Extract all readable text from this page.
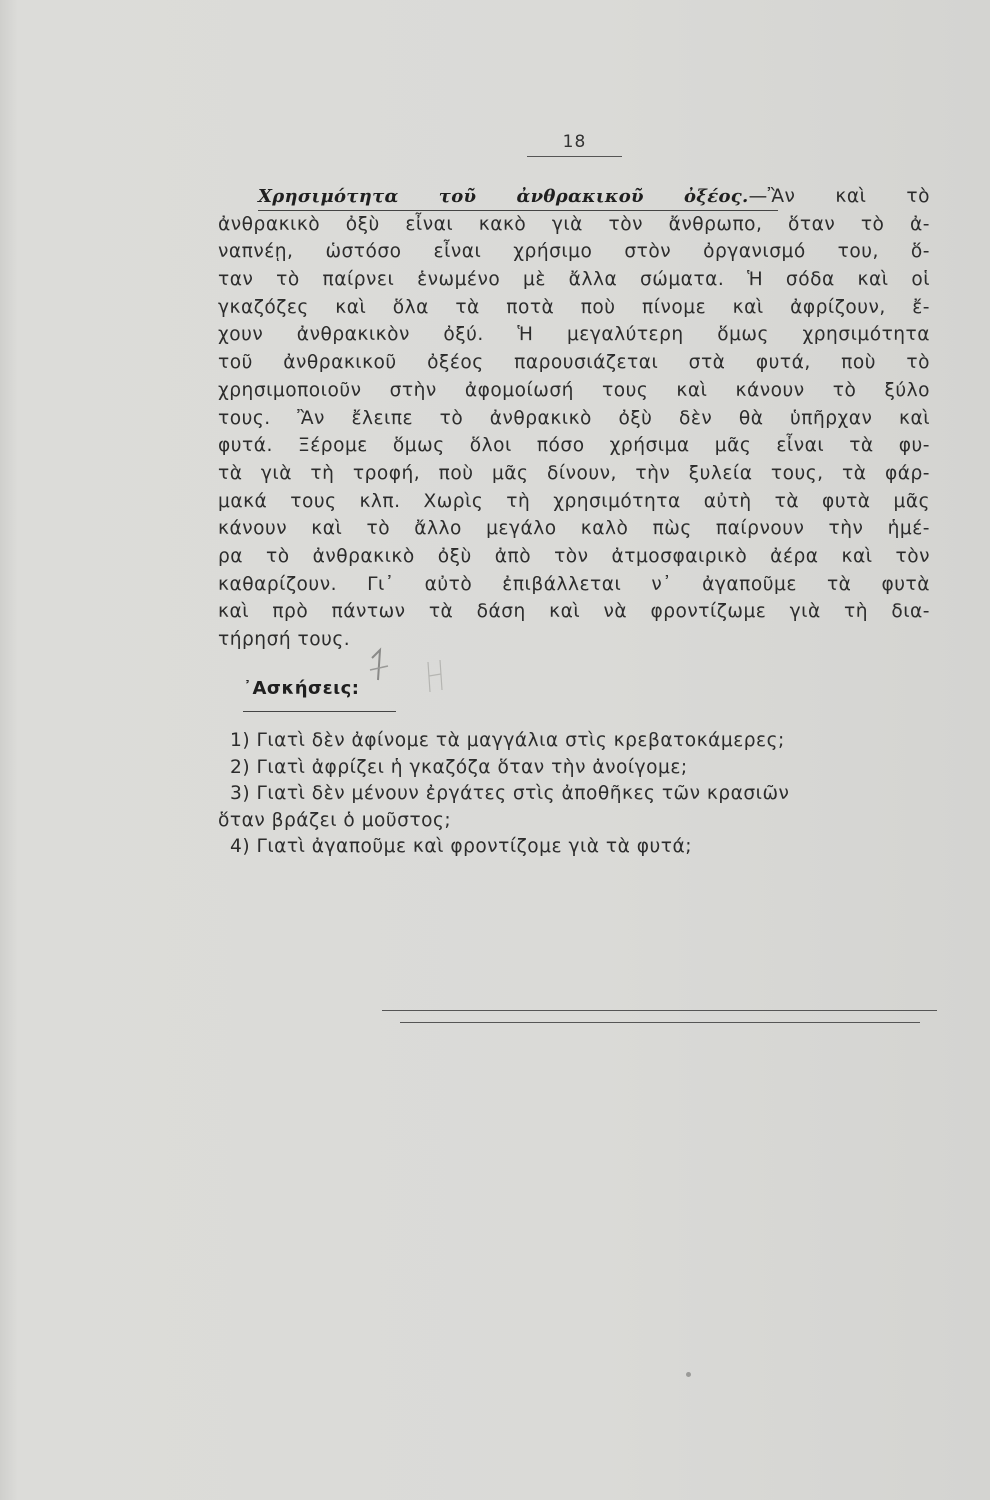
18
Χρησιμότητα τοῦ ἀνθρακικοῦ ὀξέος.—Ἂν καὶ τὸ
ἀνθρακικὸ ὀξὺ εἶναι κακὸ γιὰ τὸν ἄνθρωπο, ὅταν τὸ ἀ-
ναπνέῃ, ὡστόσο εἶναι χρήσιμο στὸν ὀργανισμό του, ὅ-
ταν τὸ παίρνει ἑνωμένο μὲ ἄλλα σώματα. Ἡ σόδα καὶ οἱ
γκαζόζες καὶ ὅλα τὰ ποτὰ ποὺ πίνομε καὶ ἀφρίζουν, ἔ-
χουν ἀνθρακικὸν ὀξύ. Ἡ μεγαλύτερη ὅμως χρησιμότητα
τοῦ ἀνθρακικοῦ ὀξέος παρουσιάζεται στὰ φυτά, ποὺ τὸ
χρησιμοποιοῦν στὴν ἀφομοίωσή τους καὶ κάνουν τὸ ξύλο
τους. Ἂν ἔλειπε τὸ ἀνθρακικὸ ὀξὺ δὲν θὰ ὑπῆρχαν καὶ
φυτά. Ξέρομε ὅμως ὅλοι πόσο χρήσιμα μᾶς εἶναι τὰ φυ-
τὰ γιὰ τὴ τροφή, ποὺ μᾶς δίνουν, τὴν ξυλεία τους, τὰ φάρ-
μακά τους κλπ. Χωρὶς τὴ χρησιμότητα αὐτὴ τὰ φυτὰ μᾶς
κάνουν καὶ τὸ ἄλλο μεγάλο καλὸ πὼς παίρνουν τὴν ἡμέ-
ρα τὸ ἀνθρακικὸ ὀξὺ ἀπὸ τὸν ἀτμοσφαιρικὸ ἀέρα καὶ τὸν
καθαρίζουν. Γι᾽ αὐτὸ ἐπιβάλλεται ν᾽ ἀγαποῦμε τὰ φυτὰ
καὶ πρὸ πάντων τὰ δάση καὶ νὰ φροντίζωμε γιὰ τὴ δια-
τήρησή τους.
᾽Ασκήσεις:
1) Γιατὶ δὲν ἀφίνομε τὰ μαγγάλια στὶς κρεβατοκάμερες;
2) Γιατὶ ἀφρίζει ἡ γκαζόζα ὅταν τὴν ἀνοίγομε;
3) Γιατὶ δὲν μένουν ἐργάτες στὶς ἀποθῆκες τῶν κρασιῶν
ὅταν βράζει ὁ μοῦστος;
4) Γιατὶ ἀγαποῦμε καὶ φροντίζομε γιὰ τὰ φυτά;
